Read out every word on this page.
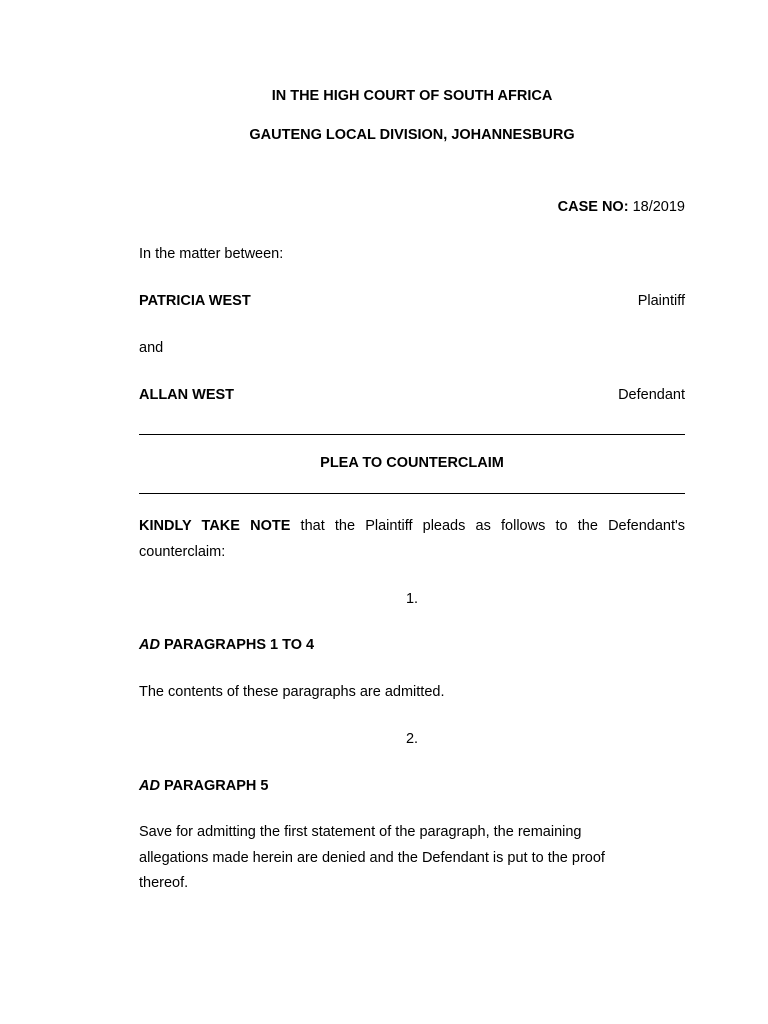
IN THE HIGH COURT OF SOUTH AFRICA
GAUTENG LOCAL DIVISION, JOHANNESBURG
CASE NO: 18/2019
In the matter between:
PATRICIA WEST	Plaintiff
and
ALLAN WEST	Defendant
PLEA TO COUNTERCLAIM
KINDLY TAKE NOTE that the Plaintiff pleads as follows to the Defendant's counterclaim:
1.
AD PARAGRAPHS 1 TO 4
The contents of these paragraphs are admitted.
2.
AD PARAGRAPH 5
Save for admitting the first statement of the paragraph, the remaining allegations made herein are denied and the Defendant is put to the proof thereof.
